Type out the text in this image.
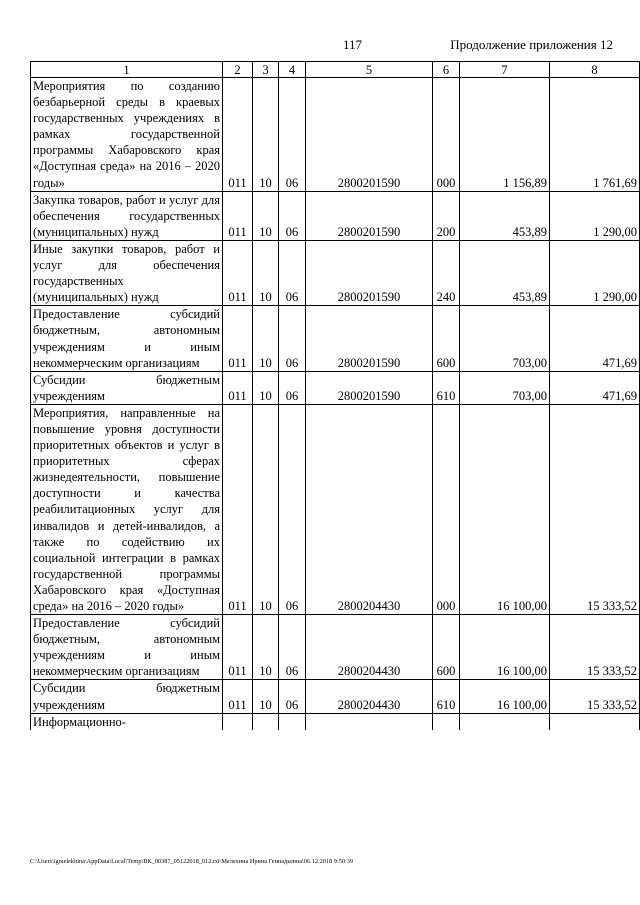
117	Продолжение приложения 12
1	2	3	4	5	6	7	8
Мероприятия по созданию безбарьерной среды в краевых государственных учреждениях в рамках государственной программы Хабаровского края «Доступная среда» на 2016 – 2020 годы»	011	10	06	2800201590	000	1 156,89	1 761,69
Закупка товаров, работ и услуг для обеспечения государственных (муниципальных) нужд	011	10	06	2800201590	200	453,89	1 290,00
Иные закупки товаров, работ и услуг для обеспечения государственных (муниципальных) нужд	011	10	06	2800201590	240	453,89	1 290,00
Предоставление субсидий бюджетным, автономным учреждениям и иным некоммерческим организациям	011	10	06	2800201590	600	703,00	471,69
Субсидии бюджетным учреждениям	011	10	06	2800201590	610	703,00	471,69
Мероприятия, направленные на повышение уровня доступности приоритетных объектов и услуг в приоритетных сферах жизнедеятельности, повышение доступности и качества реабилитационных услуг для инвалидов и детей-инвалидов, а также по содействию их социальной интеграции в рамках государственной программы Хабаровского края «Доступная среда» на 2016 – 2020 годы»	011	10	06	2800204430	000	16 100,00	15 333,52
Предоставление субсидий бюджетным, автономным учреждениям и иным некоммерческим организациям	011	10	06	2800204430	600	16 100,00	15 333,52
Субсидии бюджетным учреждениям	011	10	06	2800204430	610	16 100,00	15 333,52
Информационно-							
C:\Users\igmelekhina\AppData\Local\Temp\ВК_00387_05122018_012.txt\Мелехина Ирина Геннадьевна\06.12.2018 9:50:39
